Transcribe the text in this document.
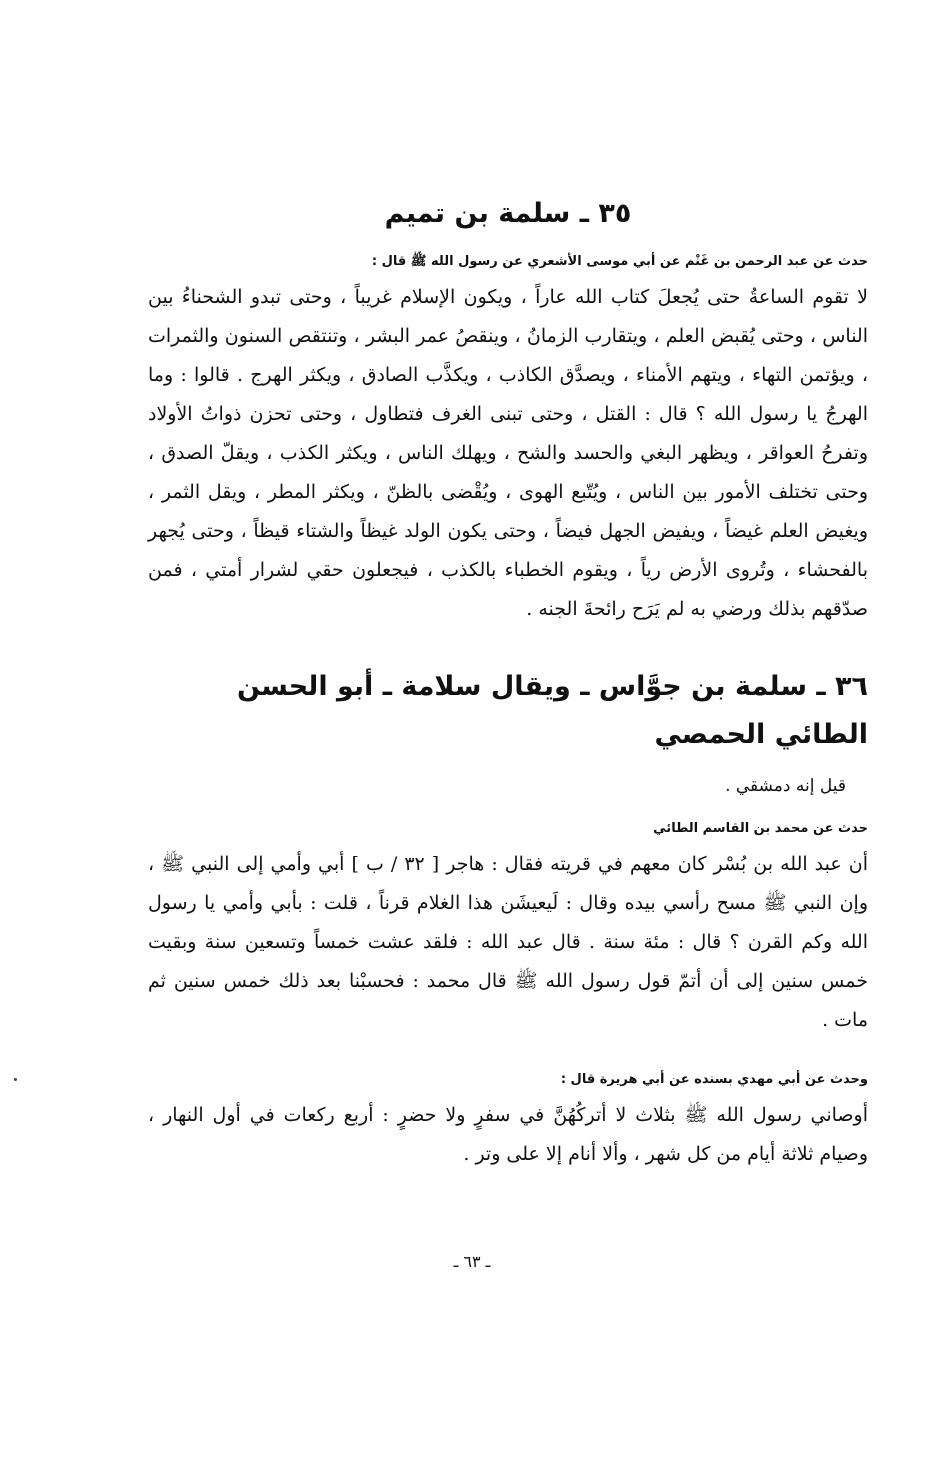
٣٥ ـ سلمة بن تميم

حدث عن عبد الرحمن بن غَنْم عن أبي موسى الأشعري عن رسول الله ﷺ قال :

لا تقوم الساعةُ حتى يُجعلَ كتاب الله عاراً ، ويكون الإسلام غريباً ، وحتى تبدو الشحناءُ بين الناس ، وحتى يُقبض العلم ، ويتقارب الزمانُ ، وينقصُ عمر البشر ، وتنتقص السنون والثمرات ، ويؤتمن التهاء ، ويتهم الأمناء ، ويصدَّق الكاذب ، ويكذَّب الصادق ، ويكثر الهرج . قالوا : وما الهرجُ يا رسول الله ؟ قال : القتل ، وحتى تبنى الغرف فتطاول ، وحتى تحزن ذواتُ الأولاد وتفرحُ العواقر ، ويظهر البغي والحسد والشح ، ويهلك الناس ، ويكثر الكذب ، ويقلّ الصدق ، وحتى تختلف الأمور بين الناس ، ويُتّبع الهوى ، ويُقْضى بالظنّ ، ويكثر المطر ، ويقل الثمر ، ويغيض العلم غيضاً ، ويفيض الجهل فيضاً ، وحتى يكون الولد غيظاً والشتاء قيظاً ، وحتى يُجهر بالفحشاء ، وتُروى الأرض رياً ، ويقوم الخطباء بالكذب ، فيجعلون حقي لشرار أمتي ، فمن صدّقهم بذلك ورضي به لم يَرَح رائحةَ الجنه .

٣٦ ـ سلمة بن جوَّاس ـ ويقال سلامة ـ أبو الحسن الطائي الحمصي

قيل إنه دمشقي .

حدث عن محمد بن القاسم الطائي

أن عبد الله بن بُسْر كان معهم في قريته فقال : هاجر [ ٣٢ / ب ] أبي وأمي إلى النبي ﷺ ، وإن النبي ﷺ مسح رأسي بيده وقال : لَيعيشَن هذا الغلام قرناً ، قلت : بأبي وأمي يا رسول الله وكم القرن ؟ قال : مئة سنة . قال عبد الله : فلقد عشت خمساً وتسعين سنة وبقيت خمس سنين إلى أن أتمّ قول رسول الله ﷺ قال محمد : فحسبْنا بعد ذلك خمس سنين ثم مات .

وحدث عن أبي مهدي بسنده عن أبي هريرة قال :

أوصاني رسول الله ﷺ بثلاث لا أتركُهُنَّ في سفرٍ ولا حضرٍ : أربع ركعات في أول النهار ، وصيام ثلاثة أيام من كل شهر ، وألا أنام إلا على وتر .

ـ ٦٣ ـ
